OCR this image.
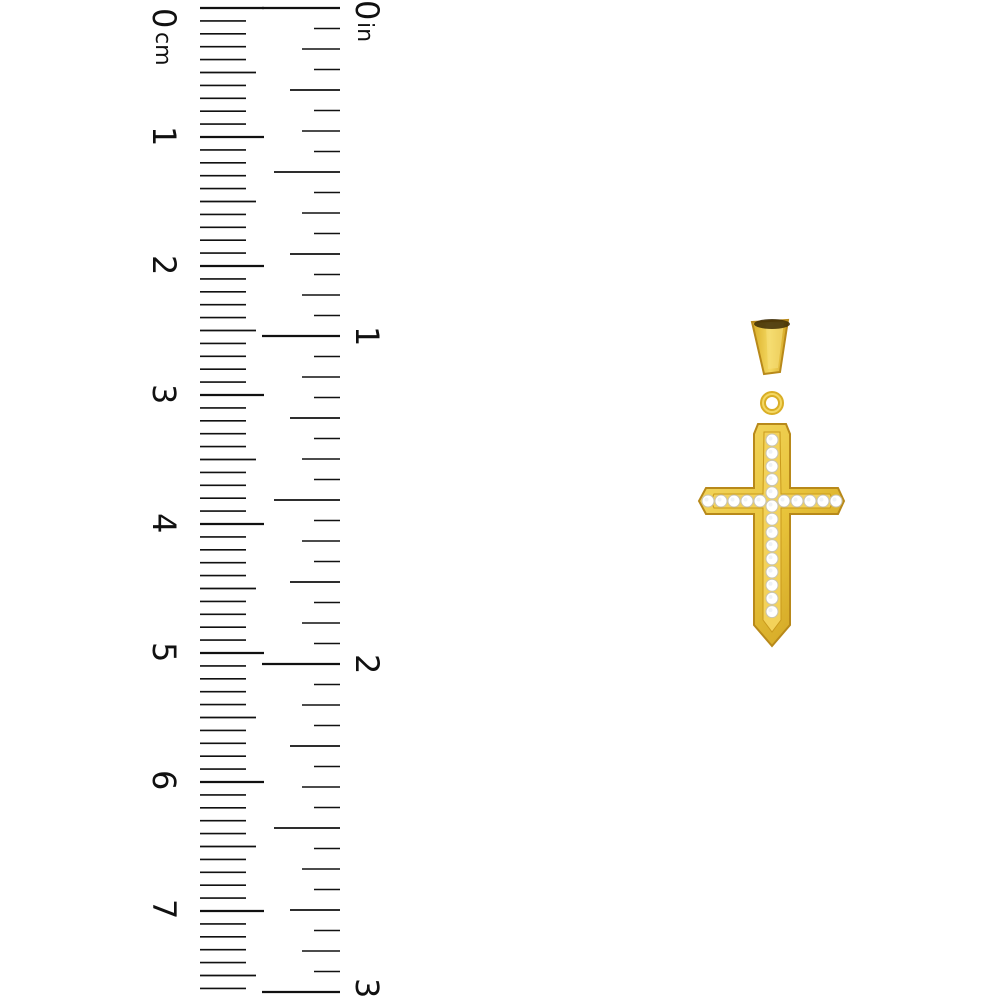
0
cm
1
2
3
4
5
6
7
0
in
1
2
3
